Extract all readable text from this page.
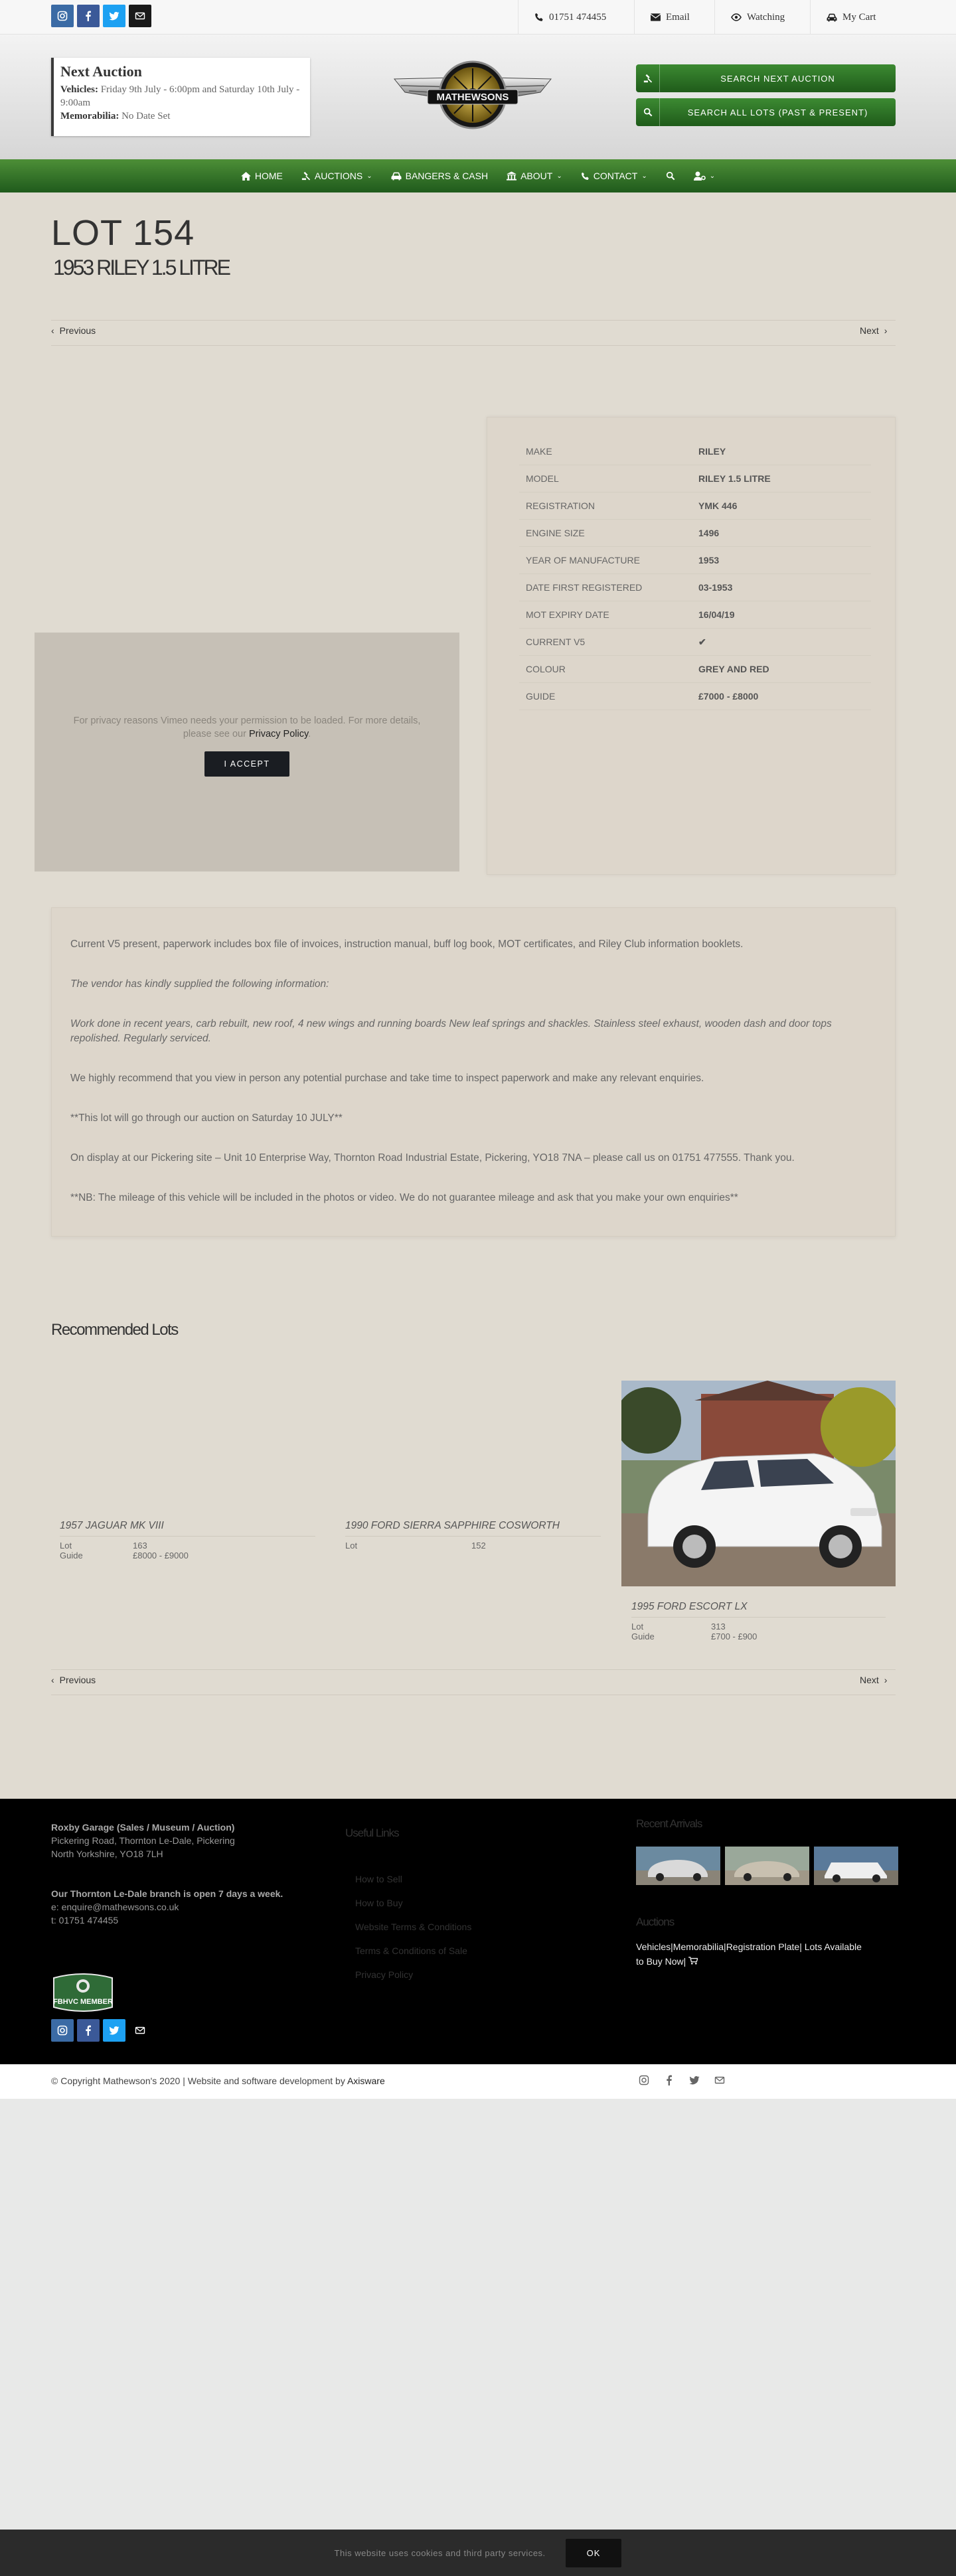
01751 474455	Email	Watching	My Cart
Next Auction
Vehicles: Friday 9th July - 6:00pm and Saturday 10th July - 9:00am
Memorabilia: No Date Set
MATHEWSONS
SEARCH NEXT AUCTION
SEARCH ALL LOTS (PAST & PRESENT)
HOME	AUCTIONS ⌄	BANGERS & CASH	ABOUT ⌄	CONTACT ⌄	⌄
LOT 154
1953 RILEY 1.5 LITRE
‹ Previous	Next ›

For privacy reasons Vimeo needs your permission to be loaded. For more details, please see our Privacy Policy.

I ACCEPT
MAKE	RILEY
MODEL	RILEY 1.5 LITRE
REGISTRATION	YMK 446
ENGINE SIZE	1496
YEAR OF MANUFACTURE	1953
DATE FIRST REGISTERED	03-1953
MOT EXPIRY DATE	16/04/19
CURRENT V5	✔
COLOUR	GREY AND RED
GUIDE	£7000 - £8000

Current V5 present, paperwork includes box file of invoices, instruction manual, buff log book, MOT certificates, and Riley Club information booklets.

The vendor has kindly supplied the following information:

Work done in recent years, carb rebuilt, new roof, 4 new wings and running boards New leaf springs and shackles. Stainless steel exhaust, wooden dash and door tops repolished. Regularly serviced.

We highly recommend that you view in person any potential purchase and take time to inspect paperwork and make any relevant enquiries.

**This lot will go through our auction on Saturday 10 JULY**

On display at our Pickering site – Unit 10 Enterprise Way, Thornton Road Industrial Estate, Pickering, YO18 7NA – please call us on 01751 477555. Thank you.

**NB: The mileage of this vehicle will be included in the photos or video. We do not guarantee mileage and ask that you make your own enquiries**

Recommended Lots
1957 JAGUAR MK VIII
Lot	163
Guide	£8000 - £9000
1990 FORD SIERRA SAPPHIRE COSWORTH
Lot	152
1995 FORD ESCORT LX
Lot	313
Guide	£700 - £900
‹ Previous	Next ›
Roxby Garage (Sales / Museum / Auction)
Pickering Road, Thornton Le-Dale, Pickering
North Yorkshire, YO18 7LH
Our Thornton Le-Dale branch is open 7 days a week.
e: enquire@mathewsons.co.uk
t: 01751 474455
FBHVC MEMBER
Useful Links
How to Sell
How to Buy
Website Terms & Conditions
Terms & Conditions of Sale
Privacy Policy
Recent Arrivals
Auctions
Vehicles|Memorabilia|Registration Plate| Lots Available to Buy Now|
© Copyright Mathewson's 2020 | Website and software development by Axisware
This website uses cookies and third party services.	OK
